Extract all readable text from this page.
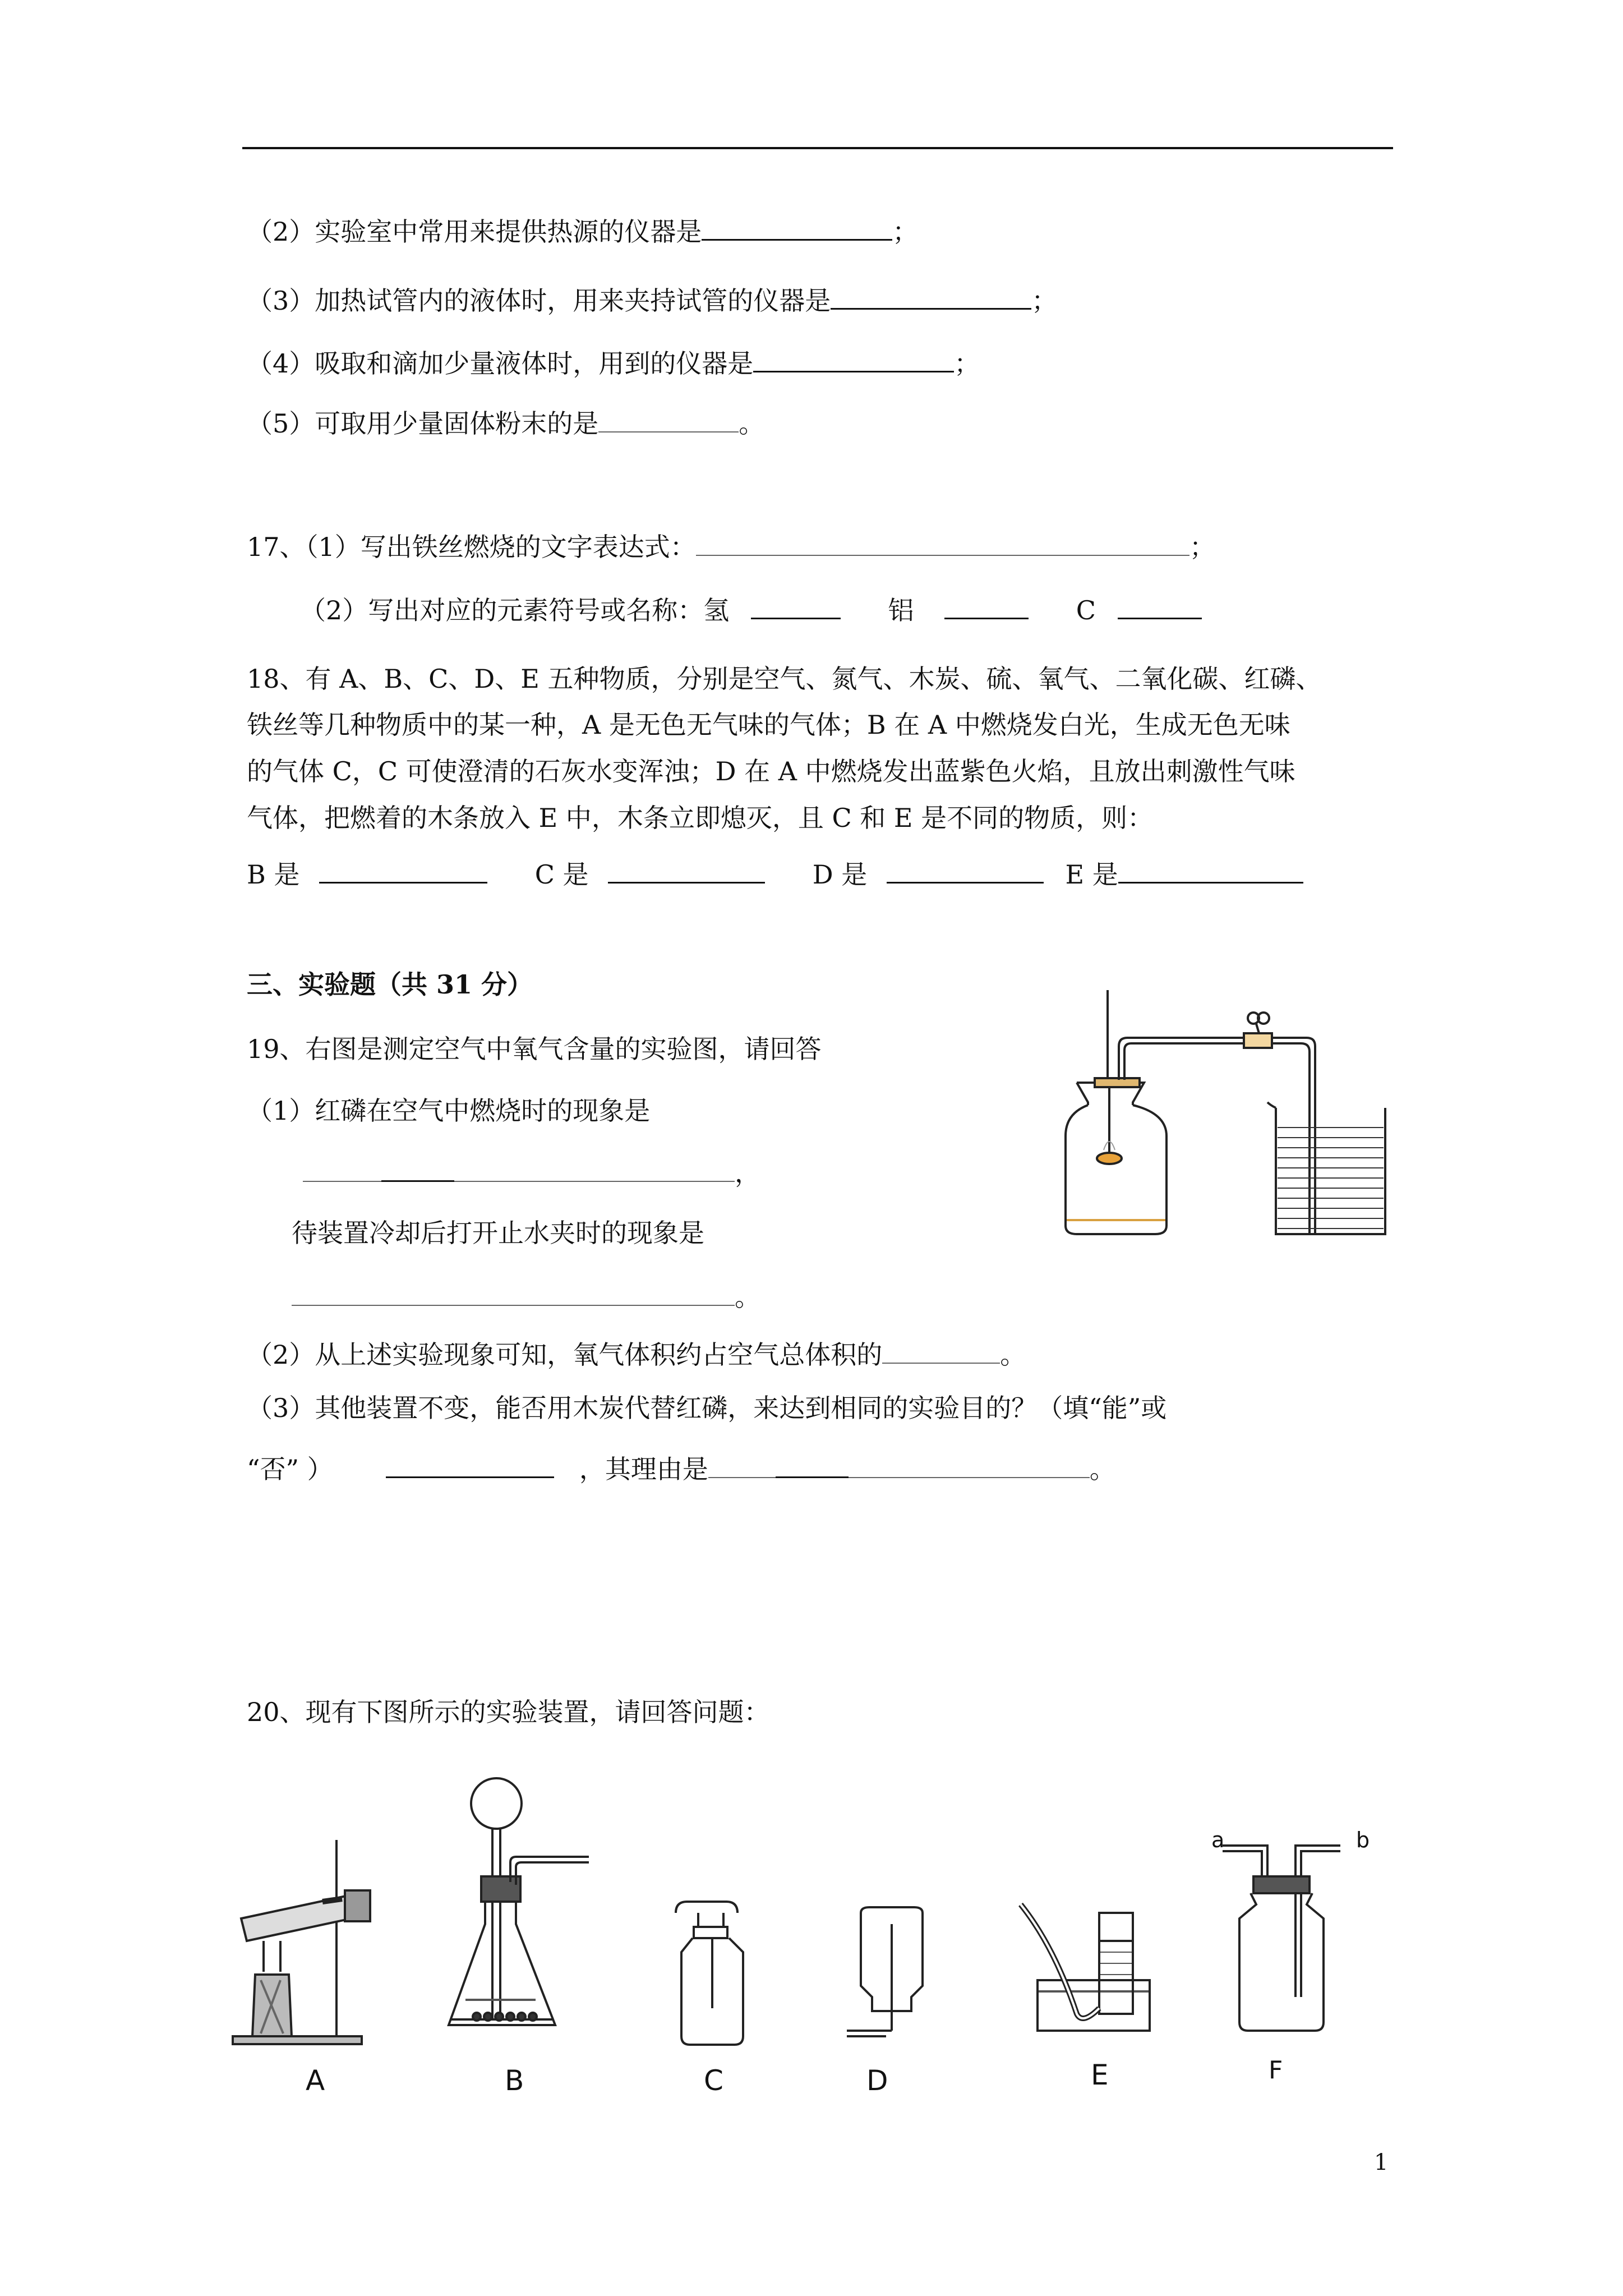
（2）实验室中常用来提供热源的仪器是	；
（3）加热试管内的液体时，用来夹持试管的仪器是	；
（4）吸取和滴加少量液体时，用到的仪器是	；
（5）可取用少量固体粉末的是	。
17、（1）写出铁丝燃烧的文字表达式：	；
（2）写出对应的元素符号或名称：氢	铝	C
18、有 A、B、C、D、E 五种物质，分别是空气、氮气、木炭、硫、氧气、二氧化碳、红磷、
铁丝等几种物质中的某一种，A 是无色无气味的气体；B 在 A 中燃烧发白光，生成无色无味
的气体 C，C 可使澄清的石灰水变浑浊；D 在 A 中燃烧发出蓝紫色火焰，且放出刺激性气味
气体，把燃着的木条放入 E 中，木条立即熄灭，且 C 和 E 是不同的物质，则：
B 是	C 是	D 是	E 是
三、实验题（共 31 分）
19、右图是测定空气中氧气含量的实验图，请回答
（1）红磷在空气中燃烧时的现象是
，
待装置冷却后打开止水夹时的现象是
。
（2）从上述实验现象可知，氧气体积约占空气总体积的	。
（3）其他装置不变，能否用木炭代替红磷，来达到相同的实验目的？（填“能”或
“否” ）	，其理由是	。
20、现有下图所示的实验装置，请回答问题：
A	B	C	D	E
a	b
F
1
